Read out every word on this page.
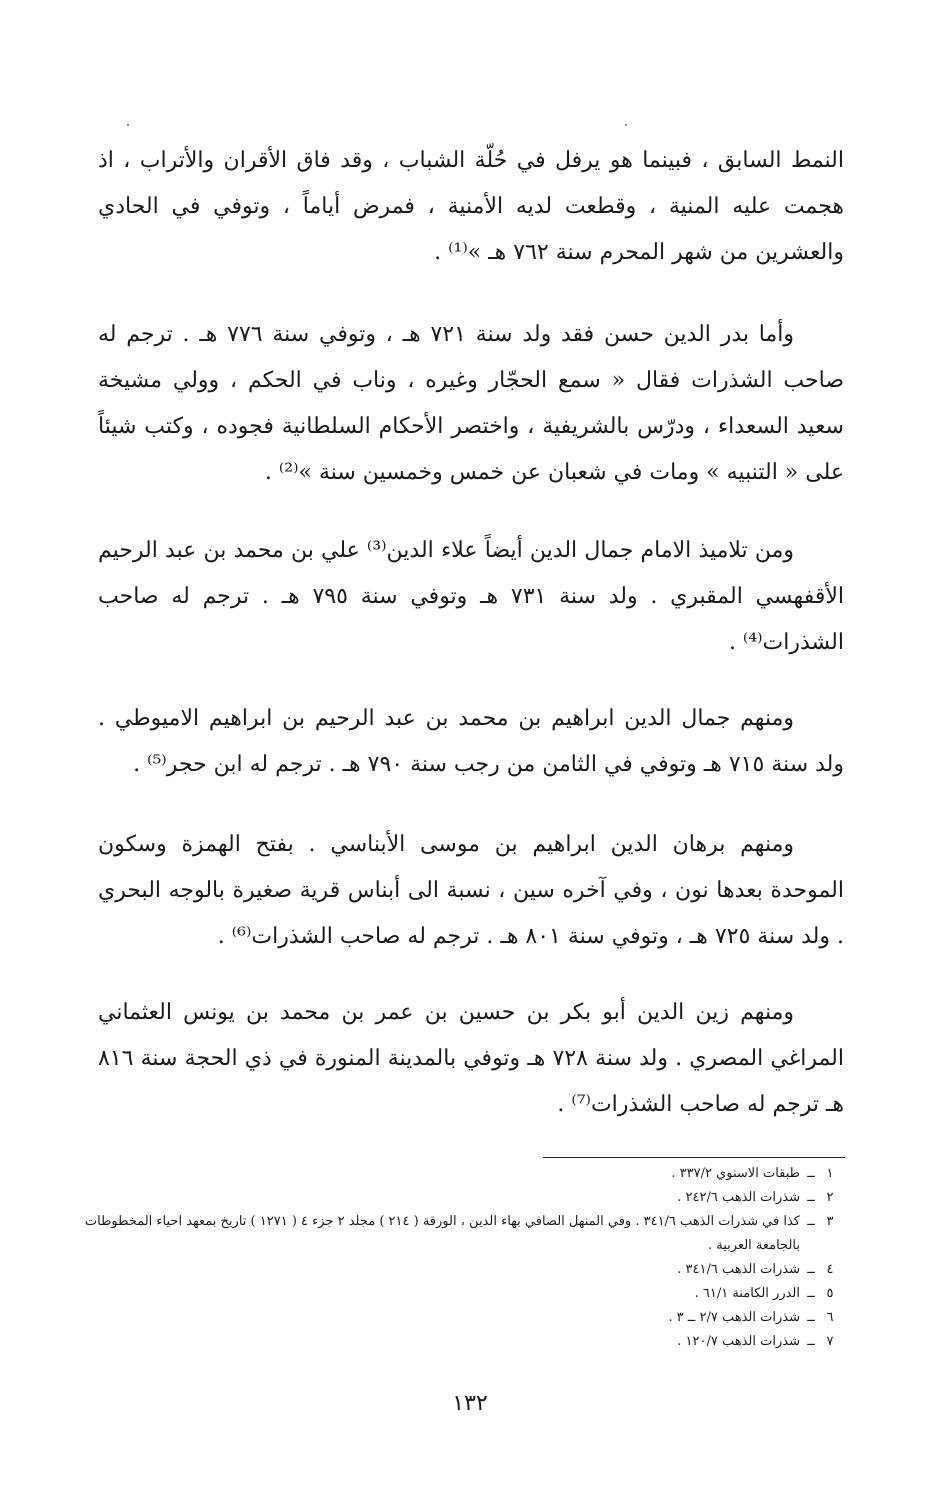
النمط السابق ، فبينما هو يرفل في حُلّة الشباب ، وقد فاق الأقران والأتراب ، اذ هجمت عليه المنية ، وقطعت لديه الأمنية ، فمرض أياماً ، وتوفي في الحادي والعشرين من شهر المحرم سنة ٧٦٢ هـ »⁽¹⁾ .

وأما بدر الدين حسن فقد ولد سنة ٧٢١ هـ ، وتوفي سنة ٧٧٦ هـ . ترجم له صاحب الشذرات فقال « سمع الحجّار وغيره ، وناب في الحكم ، وولي مشيخة سعيد السعداء ، ودرّس بالشريفية ، واختصر الأحكام السلطانية فجوده ، وكتب شيئاً على « التنبيه » ومات في شعبان عن خمس وخمسين سنة »⁽²⁾ .

ومن تلاميذ الامام جمال الدين أيضاً علاء الدين⁽³⁾ علي بن محمد بن عبد الرحيم الأقفهسي المقبري . ولد سنة ٧٣١ هـ وتوفي سنة ٧٩٥ هـ . ترجم له صاحب الشذرات⁽⁴⁾ .

ومنهم جمال الدين ابراهيم بن محمد بن عبد الرحيم بن ابراهيم الاميوطي . ولد سنة ٧١٥ هـ وتوفي في الثامن من رجب سنة ٧٩٠ هـ . ترجم له ابن حجر⁽⁵⁾ .

ومنهم برهان الدين ابراهيم بن موسى الأبناسي . بفتح الهمزة وسكون الموحدة بعدها نون ، وفي آخره سين ، نسبة الى أبناس قرية صغيرة بالوجه البحري . ولد سنة ٧٢٥ هـ ، وتوفي سنة ٨٠١ هـ . ترجم له صاحب الشذرات⁽⁶⁾ .

ومنهم زين الدين أبو بكر بن حسين بن عمر بن محمد بن يونس العثماني المراغي المصري . ولد سنة ٧٢٨ هـ وتوفي بالمدينة المنورة في ذي الحجة سنة ٨١٦ هـ ترجم له صاحب الشذرات⁽⁷⁾ .

١
ــ
طبقات الاسنوي ٣٣٧/٢ .
٢
ــ
شذرات الذهب ٢٤٢/٦ .
٣
ــ
كذا في شذرات الذهب ٣٤١/٦ . وفي المنهل الصافي بهاء الدين ، الورقة ( ٢١٤ ) مجلد ٢ جزء ٤ ( ١٢٧١ ) تاريخ بمعهد احياء المخطوطات بالجامعة العربية .
٤
ــ
شذرات الذهب ٣٤١/٦ .
٥
ــ
الدرر الكامنة ٦١/١ .
٦
ــ
شذرات الذهب ٢/٧ ــ ٣ .
٧
ــ
شذرات الذهب ١٢٠/٧ .
١٣٢
